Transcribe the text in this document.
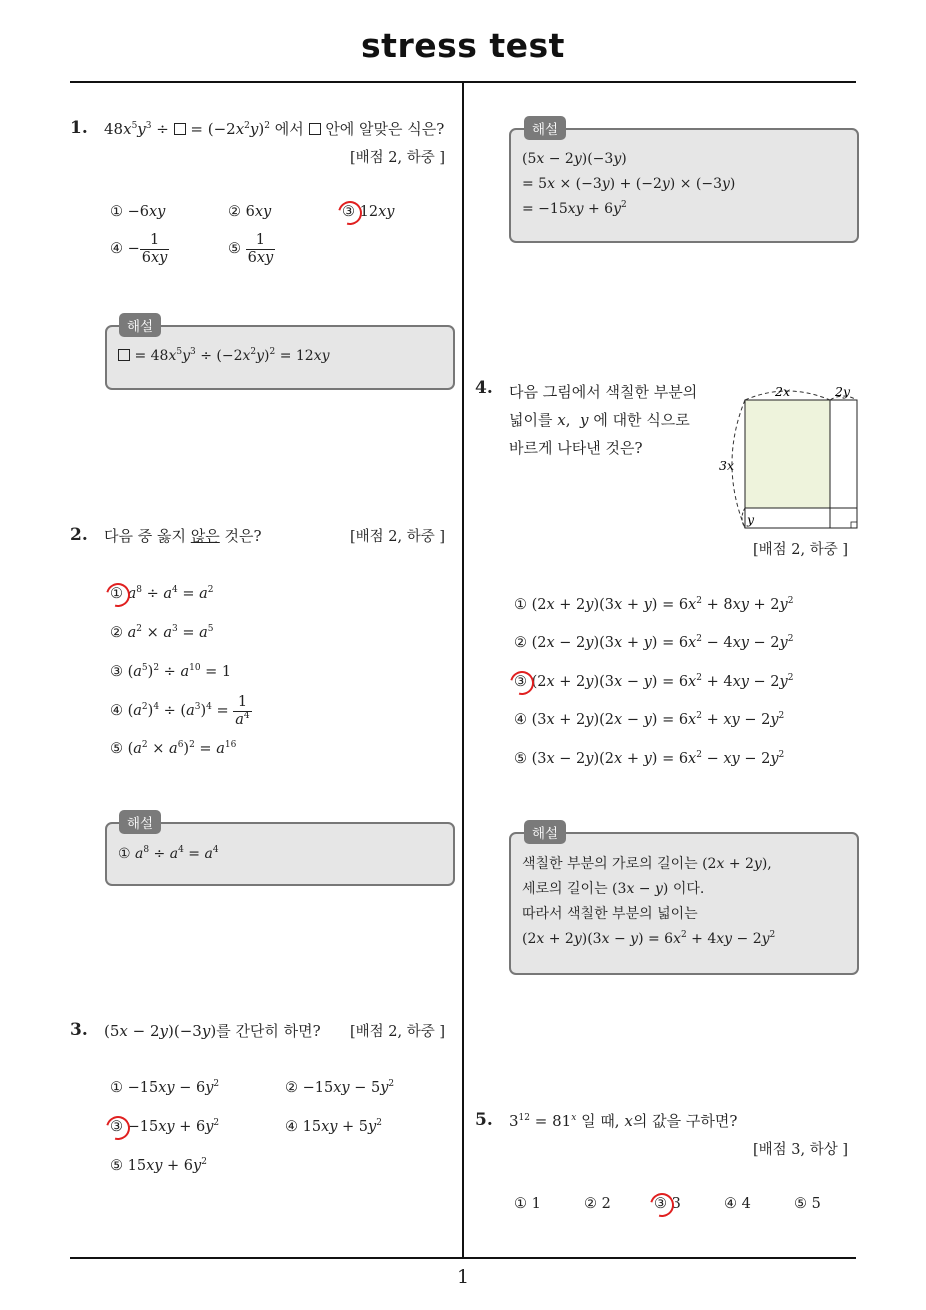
stress test
1
1. $48x^5y^3$ ÷  = $(-2x^2y)^2$ 에서 안에 알맞은 식은?
[배점 2, 하중 ]
① −6xy	② 6xy	③ 12xy
④ − $\frac{1}{6xy}$	⑤ $\frac{1}{6xy}$
해설
= $48x^5y^3 \div (-2x^2y)^2 = 12xy$
2. 다음 중 옳지 않은 것은?	[배점 2, 하중 ]
① $a^8 \div a^4 = a^2$
② $a^2 \times a^3 = a^5$
③ $(a^5)^2 \div a^{10} = 1$
④ $(a^2)^4 \div (a^3)^4 = \frac{1}{a^4}$
⑤ $(a^2 \times a^6)^2 = a^{16}$
해설
① $a^8 \div a^4 = a^4$
3. (5x − 2y)(−3y)를 간단히 하면? [배점 2, 하중 ]
① $-15xy - 6y^2$	② $-15xy - 5y^2$
③ $-15xy + 6y^2$	④ $15xy + 5y^2$
⑤ $15xy + 6y^2$
해설
(5x − 2y)(−3y)
= 5x × (−3y) + (−2y) × (−3y)
= $-15xy + 6y^2$
4. 다음 그림에서 색칠한 부분의
넓이를 x,  y 에 대한 식으로
바르게 나타낸 것은?
2x	2y
3x
y
[배점 2, 하중 ]
① $(2x + 2y)(3x + y) = 6x^2 + 8xy + 2y^2$
② $(2x - 2y)(3x + y) = 6x^2 - 4xy - 2y^2$
③ $(2x + 2y)(3x - y) = 6x^2 + 4xy - 2y^2$
④ $(3x + 2y)(2x - y) = 6x^2$ + xy − $2y^2$
⑤ $(3x - 2y)(2x + y) = 6x^2$ − xy − $2y^2$
해설
색칠한 부분의 가로의 길이는 (2x + 2y),
세로의 길이는 (3x − y) 이다.
따라서 색칠한 부분의 넓이는
$(2x + 2y)(3x - y) = 6x^2 + 4xy - 2y^2$
5. $3^{12} = 81^x$ 일 때, x의 값을 구하면?
[배점 3, 하상 ]
① 1	② 2	③ 3	④ 4	⑤ 5
